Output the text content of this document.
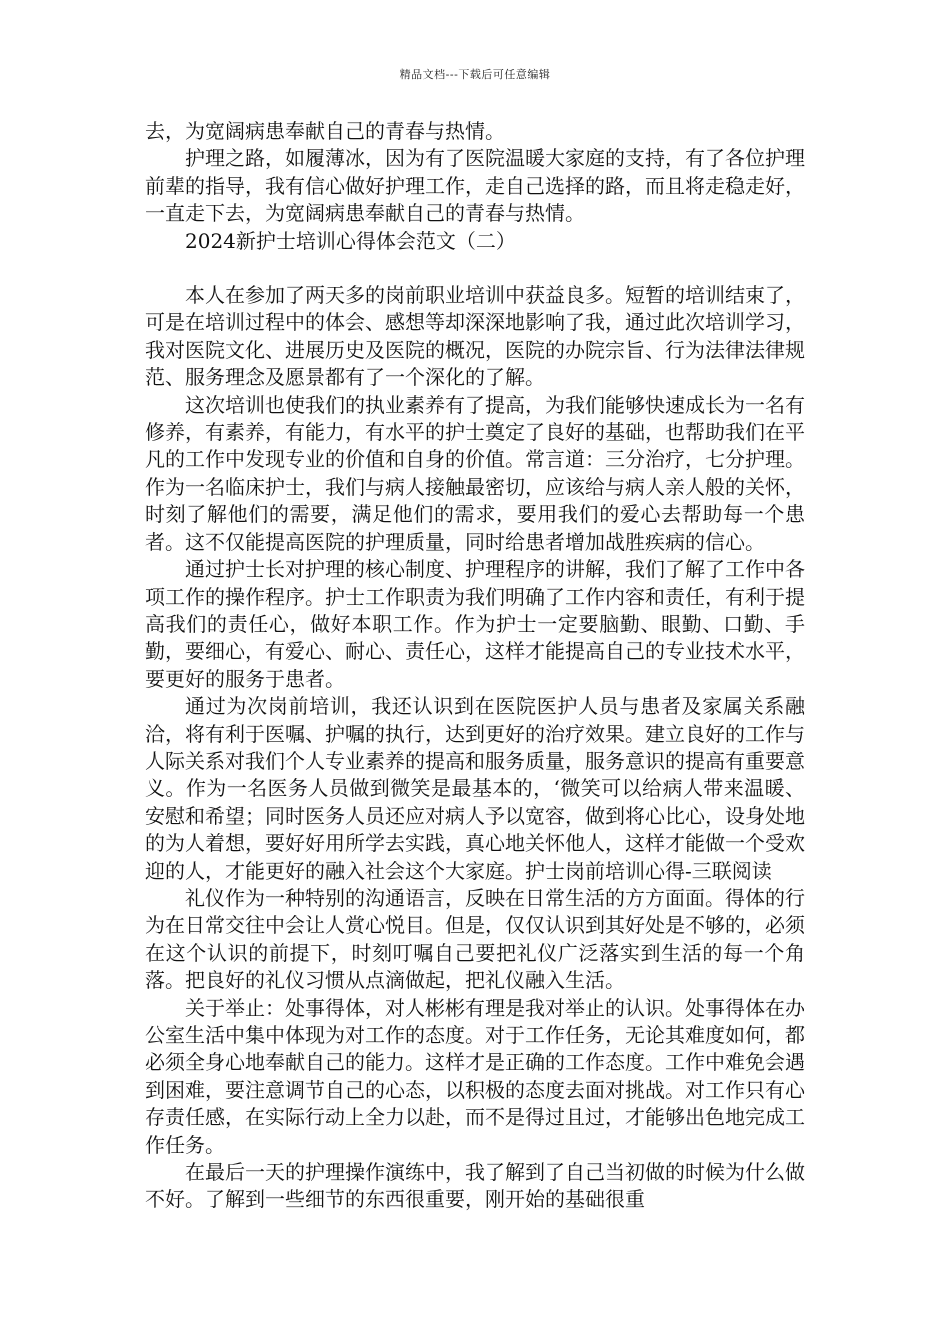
精品文档---下载后可任意编辑

去，为宽阔病患奉献自己的青春与热情。

护理之路，如履薄冰，因为有了医院温暖大家庭的支持，有了各位护理前辈的指导，我有信心做好护理工作，走自己选择的路，而且将走稳走好，一直走下去，为宽阔病患奉献自己的青春与热情。

2024新护士培训心得体会范文（二）

本人在参加了两天多的岗前职业培训中获益良多。短暂的培训结束了，可是在培训过程中的体会、感想等却深深地影响了我，通过此次培训学习，我对医院文化、进展历史及医院的概况，医院的办院宗旨、行为法律法律规范、服务理念及愿景都有了一个深化的了解。

这次培训也使我们的执业素养有了提高，为我们能够快速成长为一名有修养，有素养，有能力，有水平的护士奠定了良好的基础，也帮助我们在平凡的工作中发现专业的价值和自身的价值。常言道：三分治疗，七分护理。作为一名临床护士，我们与病人接触最密切，应该给与病人亲人般的关怀，时刻了解他们的需要，满足他们的需求，要用我们的爱心去帮助每一个患者。这不仅能提高医院的护理质量，同时给患者增加战胜疾病的信心。

通过护士长对护理的核心制度、护理程序的讲解，我们了解了工作中各项工作的操作程序。护士工作职责为我们明确了工作内容和责任，有利于提高我们的责任心，做好本职工作。作为护士一定要脑勤、眼勤、口勤、手勤，要细心，有爱心、耐心、责任心，这样才能提高自己的专业技术水平，要更好的服务于患者。

通过为次岗前培训，我还认识到在医院医护人员与患者及家属关系融洽，将有利于医嘱、护嘱的执行，达到更好的治疗效果。建立良好的工作与人际关系对我们个人专业素养的提高和服务质量，服务意识的提高有重要意义。作为一名医务人员做到微笑是最基本的，‘微笑可以给病人带来温暖、安慰和希望；同时医务人员还应对病人予以宽容，做到将心比心，设身处地的为人着想，要好好用所学去实践，真心地关怀他人，这样才能做一个受欢迎的人，才能更好的融入社会这个大家庭。护士岗前培训心得-三联阅读

礼仪作为一种特别的沟通语言，反映在日常生活的方方面面。得体的行为在日常交往中会让人赏心悦目。但是，仅仅认识到其好处是不够的，必须在这个认识的前提下，时刻叮嘱自己要把礼仪广泛落实到生活的每一个角落。把良好的礼仪习惯从点滴做起，把礼仪融入生活。

关于举止：处事得体，对人彬彬有理是我对举止的认识。处事得体在办公室生活中集中体现为对工作的态度。对于工作任务，无论其难度如何，都必须全身心地奉献自己的能力。这样才是正确的工作态度。工作中难免会遇到困难，要注意调节自己的心态，以积极的态度去面对挑战。对工作只有心存责任感，在实际行动上全力以赴，而不是得过且过，才能够出色地完成工作任务。

在最后一天的护理操作演练中，我了解到了自己当初做的时候为什么做不好。了解到一些细节的东西很重要，刚开始的基础很重
